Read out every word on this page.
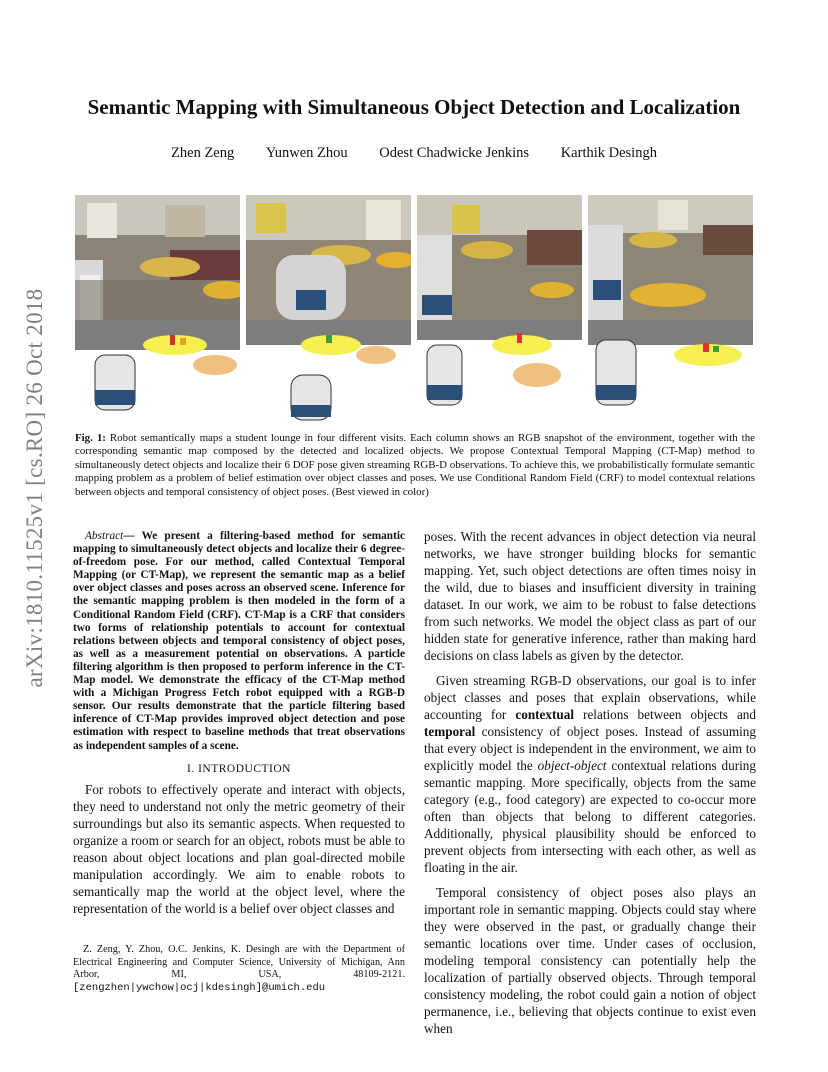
arXiv:1810.11525v1 [cs.RO] 26 Oct 2018
Semantic Mapping with Simultaneous Object Detection and Localization
Zhen Zeng Yunwen Zhou Odest Chadwicke Jenkins Karthik Desingh
Fig. 1: Robot semantically maps a student lounge in four different visits. Each column shows an RGB snapshot of the environment, together with the corresponding semantic map composed by the detected and localized objects. We propose Contextual Temporal Mapping (CT-Map) method to simultaneously detect objects and localize their 6 DOF pose given streaming RGB-D observations. To achieve this, we probabilistically formulate semantic mapping problem as a problem of belief estimation over object classes and poses. We use Conditional Random Field (CRF) to model contextual relations between objects and temporal consistency of object poses. (Best viewed in color)

Abstract— We present a filtering-based method for semantic mapping to simultaneously detect objects and localize their 6 degree-of-freedom pose. For our method, called Contextual Temporal Mapping (or CT-Map), we represent the semantic map as a belief over object classes and poses across an observed scene. Inference for the semantic mapping problem is then modeled in the form of a Conditional Random Field (CRF). CT-Map is a CRF that considers two forms of relationship potentials to account for contextual relations between objects and temporal consistency of object poses, as well as a measurement potential on observations. A particle filtering algorithm is then proposed to perform inference in the CT-Map model. We demonstrate the efficacy of the CT-Map method with a Michigan Progress Fetch robot equipped with a RGB-D sensor. Our results demonstrate that the particle filtering based inference of CT-Map provides improved object detection and pose estimation with respect to baseline methods that treat observations as independent samples of a scene.

I. INTRODUCTION

For robots to effectively operate and interact with objects, they need to understand not only the metric geometry of their surroundings but also its semantic aspects. When requested to organize a room or search for an object, robots must be able to reason about object locations and plan goal-directed mobile manipulation accordingly. We aim to enable robots to semantically map the world at the object level, where the representation of the world is a belief over object classes and

Z. Zeng, Y. Zhou, O.C. Jenkins, K. Desingh are with the Department of Electrical Engineering and Computer Science, University of Michigan, Ann Arbor, MI, USA, 48109-2121. [zengzhen|ywchow|ocj|kdesingh]@umich.edu

poses. With the recent advances in object detection via neural networks, we have stronger building blocks for semantic mapping. Yet, such object detections are often times noisy in the wild, due to biases and insufficient diversity in training dataset. In our work, we aim to be robust to false detections from such networks. We model the object class as part of our hidden state for generative inference, rather than making hard decisions on class labels as given by the detector.

Given streaming RGB-D observations, our goal is to infer object classes and poses that explain observations, while accounting for contextual relations between objects and temporal consistency of object poses. Instead of assuming that every object is independent in the environment, we aim to explicitly model the object-object contextual relations during semantic mapping. More specifically, objects from the same category (e.g., food category) are expected to co-occur more often than objects that belong to different categories. Additionally, physical plausibility should be enforced to prevent objects from intersecting with each other, as well as floating in the air.

Temporal consistency of object poses also plays an important role in semantic mapping. Objects could stay where they were observed in the past, or gradually change their semantic locations over time. Under cases of occlusion, modeling temporal consistency can potentially help the localization of partially observed objects. Through temporal consistency modeling, the robot could gain a notion of object permanence, i.e., believing that objects continue to exist even when
